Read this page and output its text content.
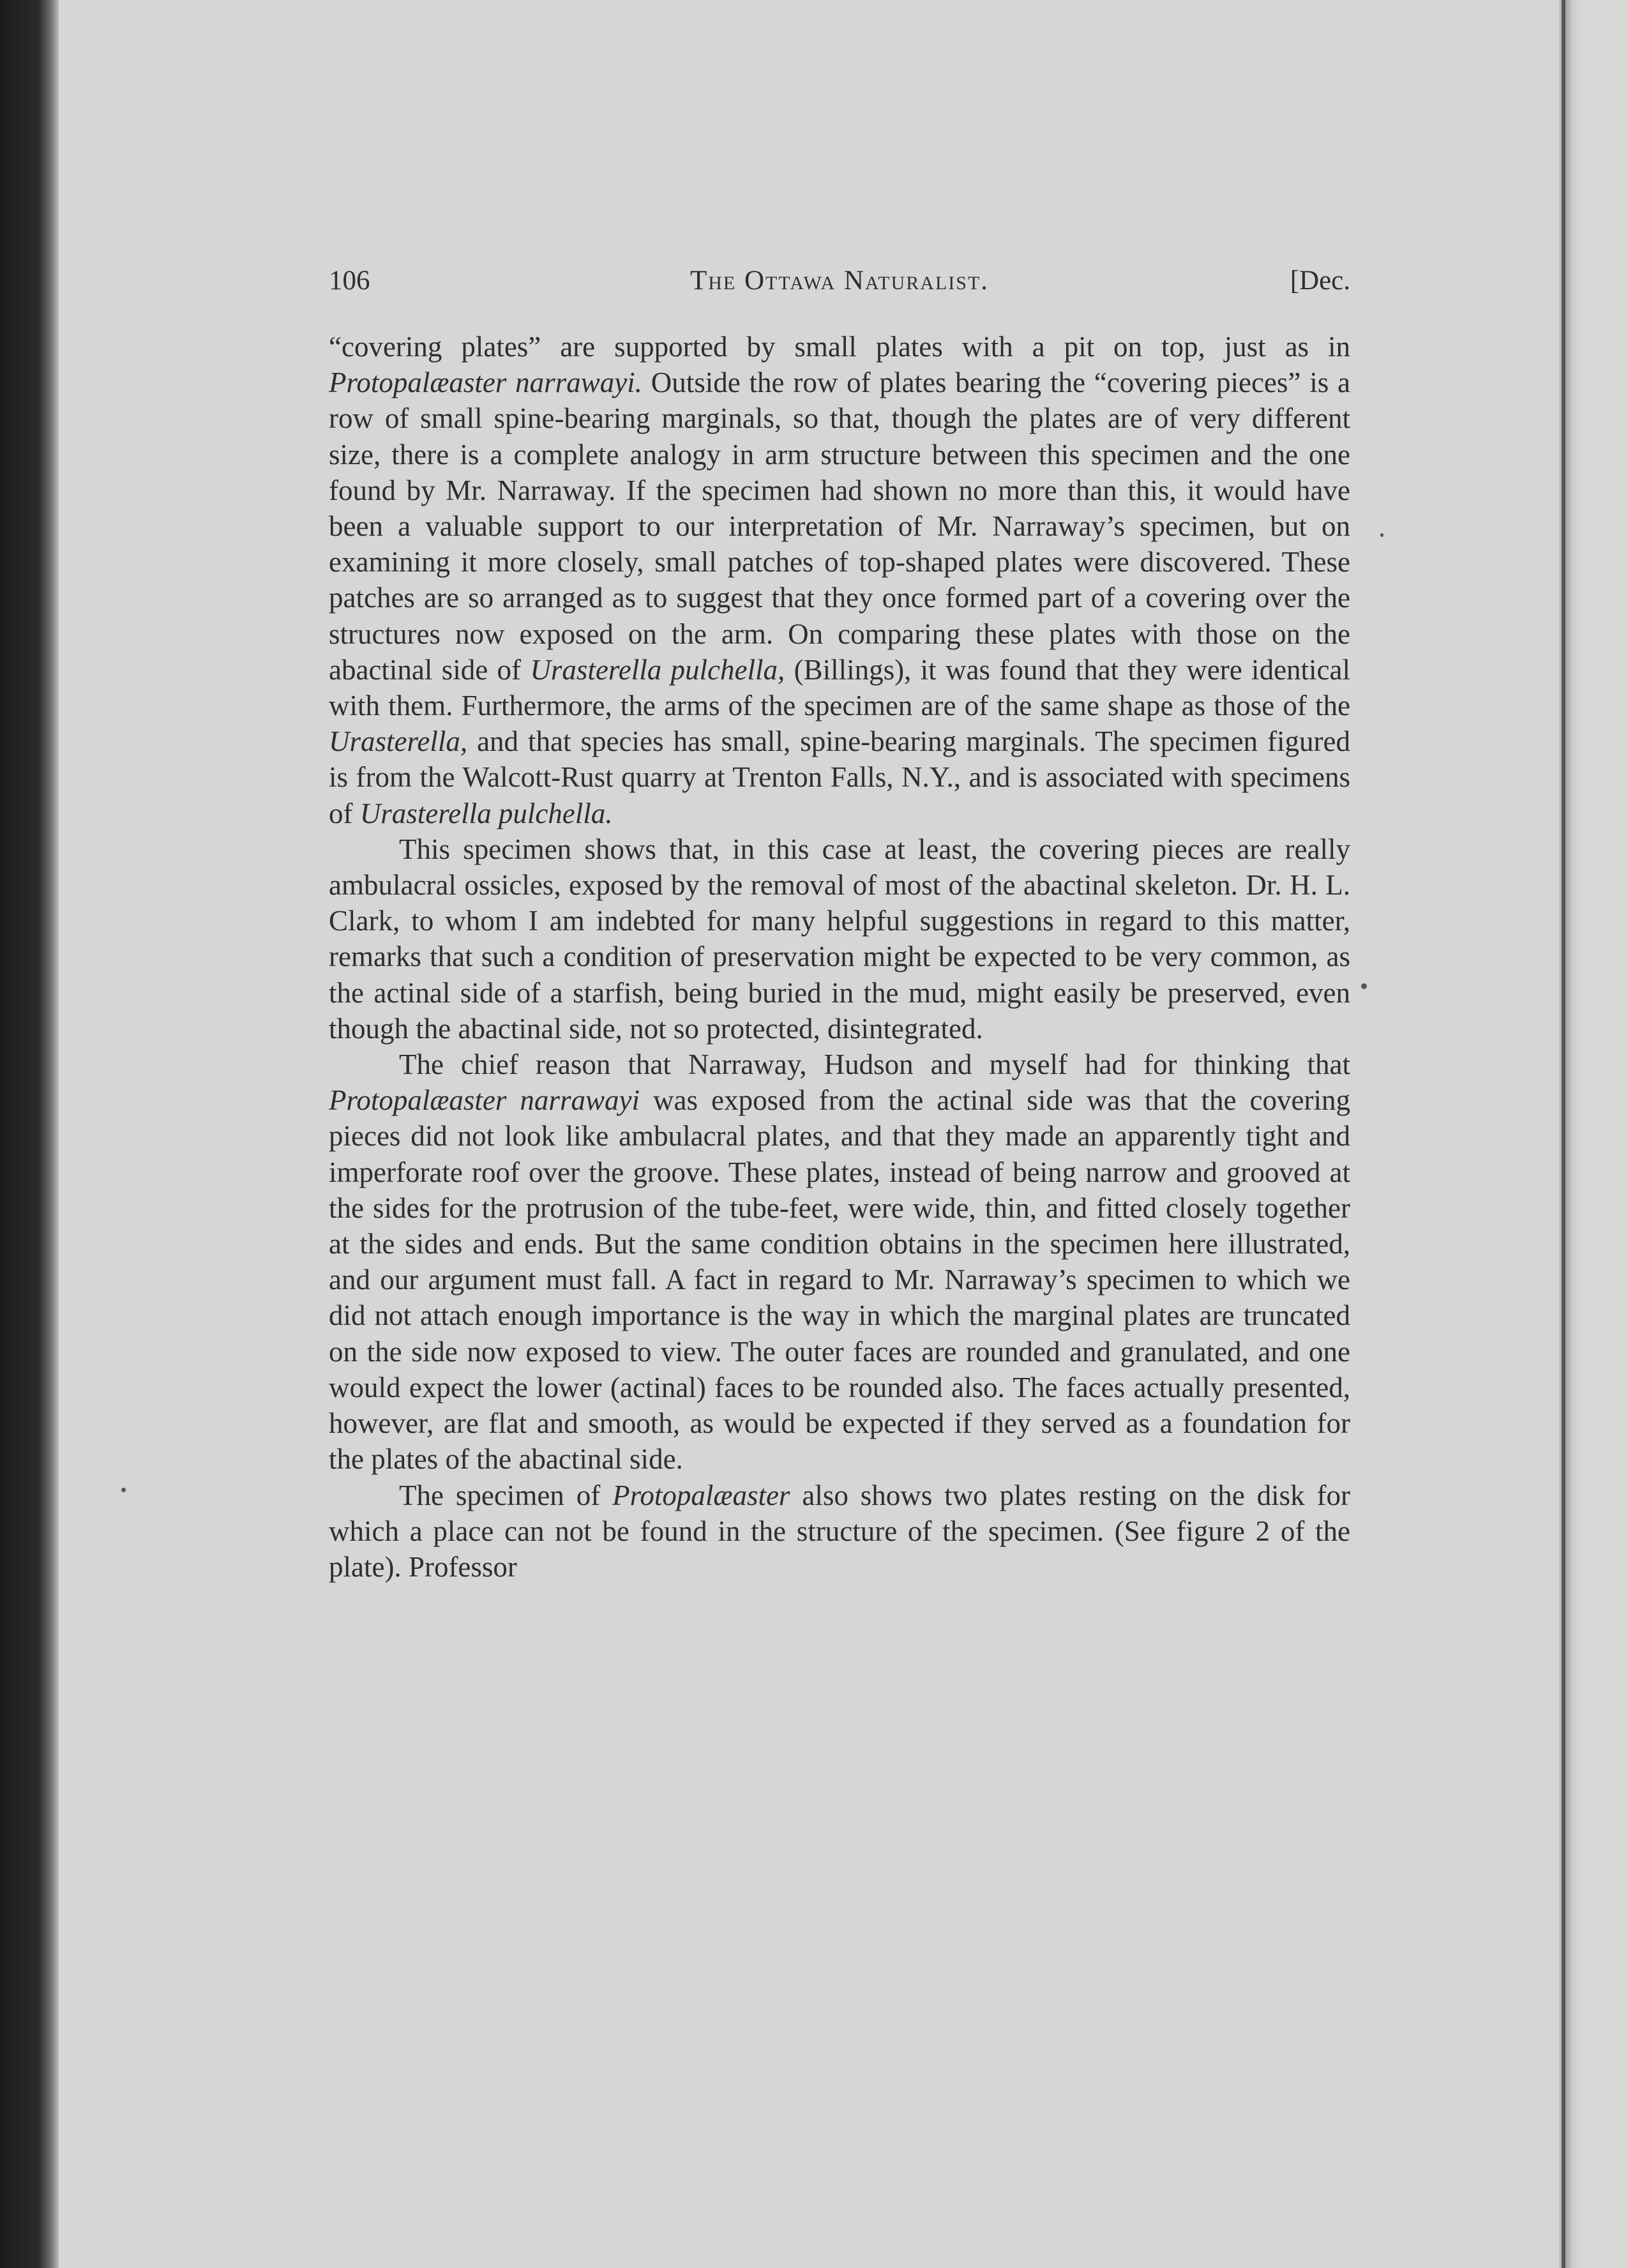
106	The Ottawa Naturalist.	[Dec.

“covering plates” are supported by small plates with a pit on top, just as in Protopalæaster narrawayi. Outside the row of plates bearing the “covering pieces” is a row of small spine-bearing marginals, so that, though the plates are of very different size, there is a complete analogy in arm structure between this specimen and the one found by Mr. Narraway. If the specimen had shown no more than this, it would have been a valuable support to our interpretation of Mr. Narraway’s specimen, but on examining it more closely, small patches of top-shaped plates were discovered. These patches are so arranged as to suggest that they once formed part of a covering over the structures now exposed on the arm. On comparing these plates with those on the abactinal side of Urasterella pulchella, (Billings), it was found that they were identical with them. Furthermore, the arms of the specimen are of the same shape as those of the Urasterella, and that species has small, spine-bearing marginals. The specimen figured is from the Walcott-Rust quarry at Trenton Falls, N.Y., and is associated with specimens of Urasterella pulchella.

This specimen shows that, in this case at least, the covering pieces are really ambulacral ossicles, exposed by the removal of most of the abactinal skeleton. Dr. H. L. Clark, to whom I am indebted for many helpful suggestions in regard to this matter, remarks that such a condition of preservation might be expected to be very common, as the actinal side of a starfish, being buried in the mud, might easily be preserved, even though the abactinal side, not so protected, disintegrated.

The chief reason that Narraway, Hudson and myself had for thinking that Protopalæaster narrawayi was exposed from the actinal side was that the covering pieces did not look like ambulacral plates, and that they made an apparently tight and imperforate roof over the groove. These plates, instead of being narrow and grooved at the sides for the protrusion of the tube-feet, were wide, thin, and fitted closely together at the sides and ends. But the same condition obtains in the specimen here illustrated, and our argument must fall. A fact in regard to Mr. Narraway’s specimen to which we did not attach enough importance is the way in which the marginal plates are truncated on the side now exposed to view. The outer faces are rounded and granulated, and one would expect the lower (actinal) faces to be rounded also. The faces actually presented, however, are flat and smooth, as would be expected if they served as a foundation for the plates of the abactinal side.

The specimen of Protopalæaster also shows two plates resting on the disk for which a place can not be found in the structure of the specimen. (See figure 2 of the plate). Professor
